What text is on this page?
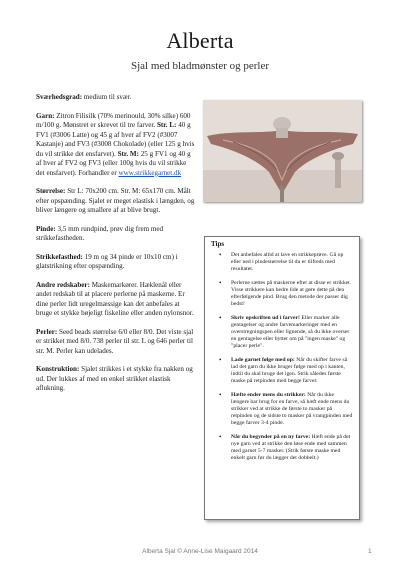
Alberta
Sjal med bladmønster og perler

Sværhedsgrad: medium til svær.

Garn: Zitron Filisilk (70% merinould, 30% silke) 600 m/100 g. Mønstret er skrevet til tre farver. Str. L: 40 g FV1 (#3006 Latte) og 45 g af hver af FV2 (#3007 Kastanje) and FV3 (#3008 Chokolade) (eller 125 g hvis du vil strikke det ensfarvet). Str. M: 25 g FV1 og 40 g af hver af FV2 og FV3 (eller 100g hvis du vil strikke det ensfarvet). Forhandler er www.strikkegarnet.dk

Størrelse: Str L: 70x200 cm. Str. M: 65x170 cm. Målt efter opspænding. Sjalet er meget elastisk i længden, og bliver længere og smallere af at blive brugt.

Pinde: 3,5 mm rundpind, prøv dig frem med strikkefastheden.

Strikkefasthed: 19 m og 34 pinde er 10x10 cm) i glatstrikning efter opspænding.

Andre redskaber: Maskemarkører. Hæklenål eller andet redskab til at placere perlerne på maskerne. Er dine perler lidt uregelmæssige kan det anbefales at bruge et stykke bøjeligt fiskeline eller anden nylonsnor.

Perler: Seed beads størrelse 6/0 eller 8/0. Det viste sjal er strikket med 8/0. 738 perler til str. L og 646 perler til str. M. Perler kan udelades.

Konstruktion: Sjalet strikkes i et stykke fra nakken og ud. Der lukkes af med en enkel strikket elastisk aflukning.

Tips
• Det anbefales altid at lave en strikkeprøve. Gå op eller ned i pindestørrelse til du er tilfreds med resultatet.
• Perlerne sættes på maskerne efter at disse er strikket. Visse strikkere kan bedre lide at gøre dette på den efterfølgende pind. Brug den metode der passer dig bedst!
• Skriv opskriften ud i farver! Eller marker alle gentagelser og andre farvemarkeringer med en overstregningspen eller lignende, så du ikke overser en gentagelse eller bytter om på "ingen maske" og "placer perle".
• Lade garnet følge med op: Når du skifter farve så lad det garn du ikke bruger følge med op i kanten, indtil du skal bruge det igen. Strik således første maske på retpinden med begge farver.
• Hæfte ender mens du strikker: Når du ikke længere har brug for en farve, så hæft ende mens du strikker ved at strikke de første to masker på retpinden og de sidste to masker på vrangpinden med begge farver 3-4 pinde.
• Når du begynder på en ny farve: Hæft ende på det nye garn ved at strikke den løse ende med sammen med garnet 5-7 masker. (Strik første maske med enkelt garn før du lægger det dobbelt.)
Alberta Sjal © Anne-Lise Maigaard 2014	1
